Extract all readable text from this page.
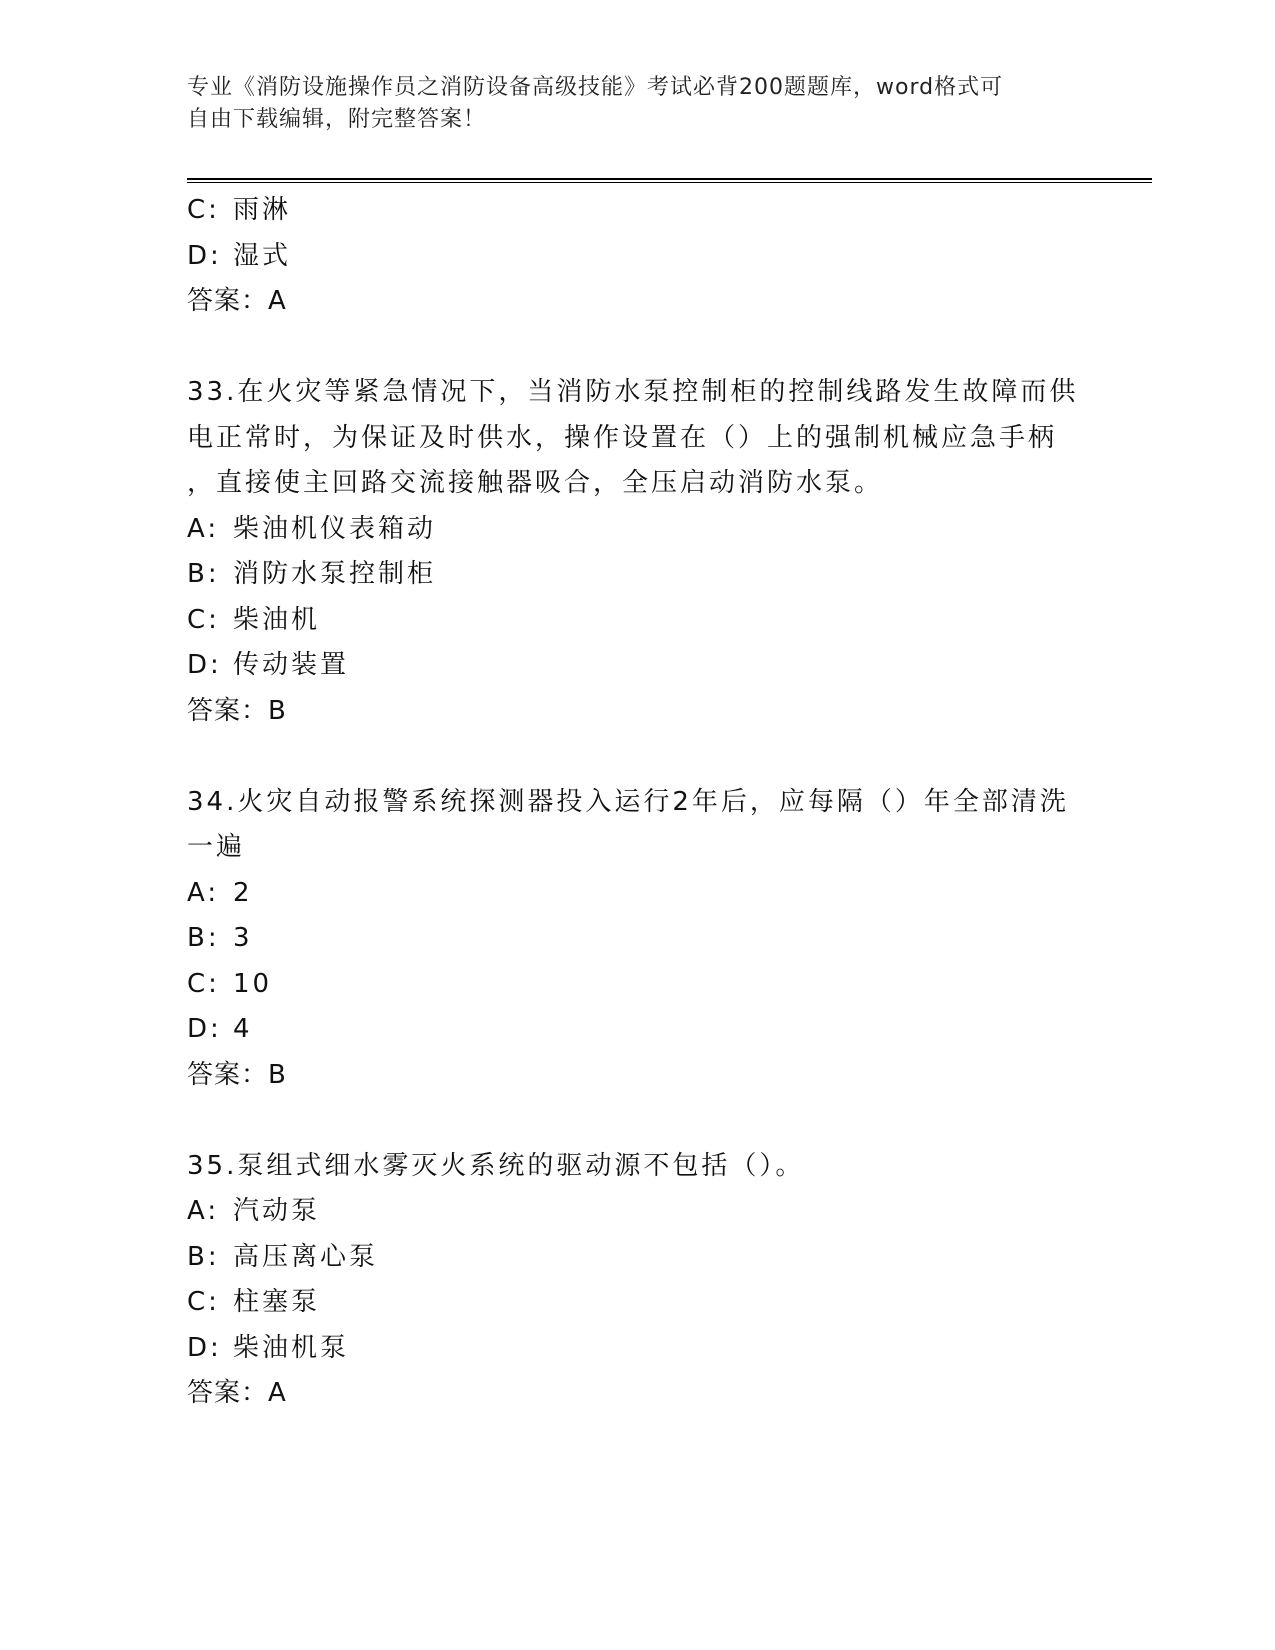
专业《消防设施操作员之消防设备高级技能》考试必背200题题库，word格式可
自由下载编辑，附完整答案！
C: 雨淋
D: 湿式
答案：A
33.在火灾等紧急情况下，当消防水泵控制柜的控制线路发生故障而供
电正常时，为保证及时供水，操作设置在（）上的强制机械应急手柄
，直接使主回路交流接触器吸合，全压启动消防水泵。
A: 柴油机仪表箱动
B: 消防水泵控制柜
C: 柴油机
D: 传动装置
答案：B
34.火灾自动报警系统探测器投入运行2年后，应每隔（）年全部清洗
一遍
A: 2
B: 3
C: 10
D: 4
答案：B
35.泵组式细水雾灭火系统的驱动源不包括（）。
A: 汽动泵
B: 高压离心泵
C: 柱塞泵
D: 柴油机泵
答案：A
